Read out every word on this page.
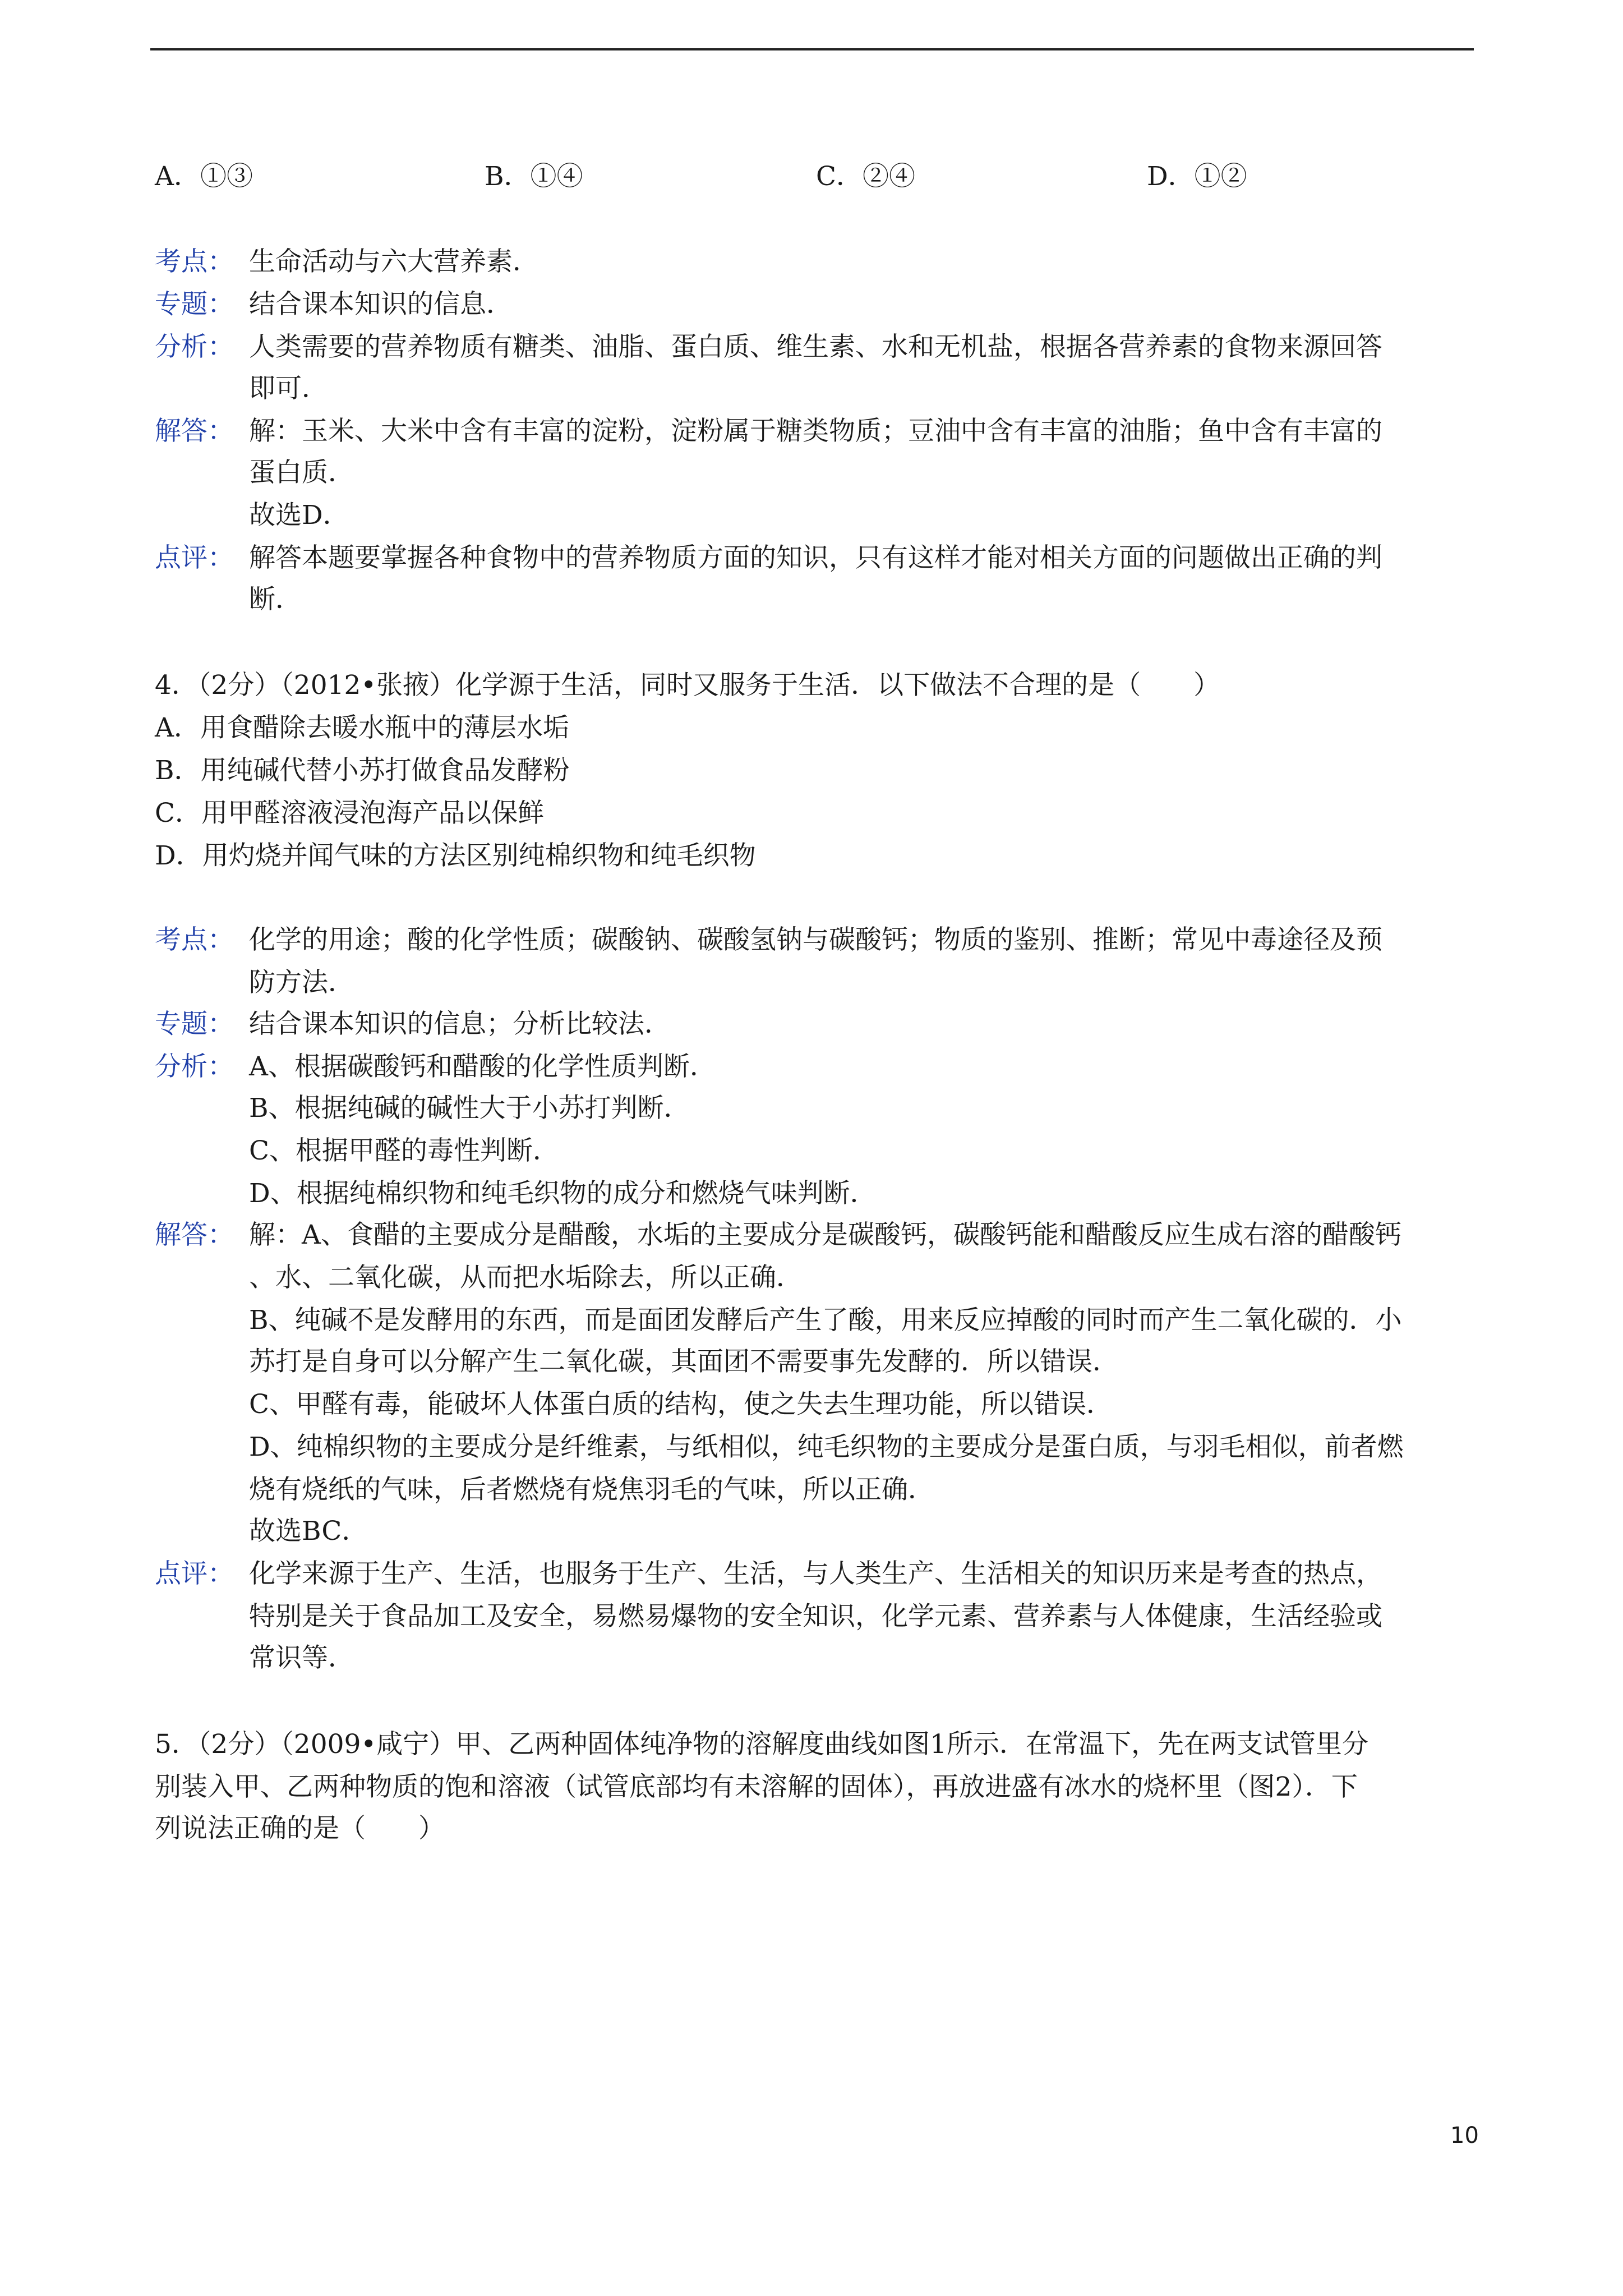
A．①③	B．①④	C．②④	D．①②
考点： 生命活动与六大营养素．
专题： 结合课本知识的信息．
分析： 人类需要的营养物质有糖类、油脂、蛋白质、维生素、水和无机盐，根据各营养素的食物来源回答
即可．
解答： 解：玉米、大米中含有丰富的淀粉，淀粉属于糖类物质；豆油中含有丰富的油脂；鱼中含有丰富的
蛋白质．
故选D．
点评： 解答本题要掌握各种食物中的营养物质方面的知识，只有这样才能对相关方面的问题做出正确的判
断．
4．（2分）（2012•张掖）化学源于生活，同时又服务于生活．以下做法不合理的是（　　）
A．用食醋除去暖水瓶中的薄层水垢
B．用纯碱代替小苏打做食品发酵粉
C．用甲醛溶液浸泡海产品以保鲜
D．用灼烧并闻气味的方法区别纯棉织物和纯毛织物
考点： 化学的用途；酸的化学性质；碳酸钠、碳酸氢钠与碳酸钙；物质的鉴别、推断；常见中毒途径及预
防方法．
专题： 结合课本知识的信息；分析比较法．
分析： A、根据碳酸钙和醋酸的化学性质判断．
B、根据纯碱的碱性大于小苏打判断．
C、根据甲醛的毒性判断．
D、根据纯棉织物和纯毛织物的成分和燃烧气味判断．
解答： 解：A、食醋的主要成分是醋酸，水垢的主要成分是碳酸钙，碳酸钙能和醋酸反应生成右溶的醋酸钙
、水、二氧化碳，从而把水垢除去，所以正确．
B、纯碱不是发酵用的东西，而是面团发酵后产生了酸，用来反应掉酸的同时而产生二氧化碳的．小
苏打是自身可以分解产生二氧化碳，其面团不需要事先发酵的．所以错误．
C、甲醛有毒，能破坏人体蛋白质的结构，使之失去生理功能，所以错误．
D、纯棉织物的主要成分是纤维素，与纸相似，纯毛织物的主要成分是蛋白质，与羽毛相似，前者燃
烧有烧纸的气味，后者燃烧有烧焦羽毛的气味，所以正确．
故选BC．
点评： 化学来源于生产、生活，也服务于生产、生活，与人类生产、生活相关的知识历来是考查的热点，
特别是关于食品加工及安全，易燃易爆物的安全知识，化学元素、营养素与人体健康，生活经验或
常识等．
5．（2分）（2009•咸宁）甲、乙两种固体纯净物的溶解度曲线如图1所示．在常温下，先在两支试管里分
别装入甲、乙两种物质的饱和溶液（试管底部均有未溶解的固体），再放进盛有冰水的烧杯里（图2）．下
列说法正确的是（　　）
10
